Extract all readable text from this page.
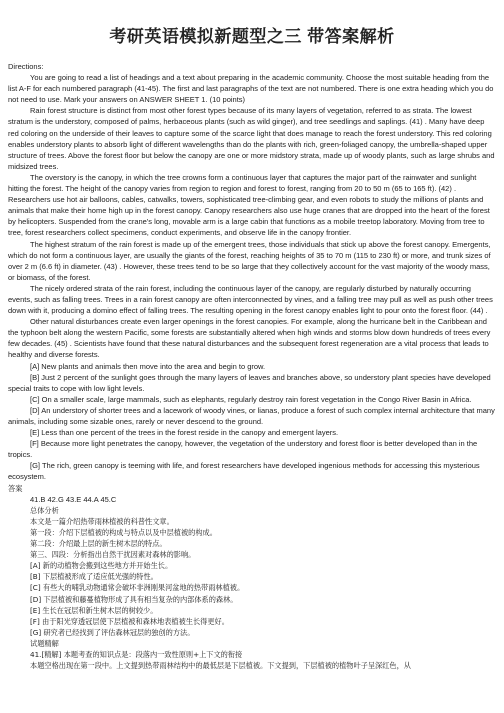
考研英语模拟新题型之三 带答案解析

Directions:

You are going to read a list of headings and a text about preparing in the academic community. Choose the most suitable heading from the list A-F for each numbered paragraph (41-45). The first and last paragraphs of the text are not numbered. There is one extra heading which you do not need to use. Mark your answers on ANSWER SHEET 1. (10 points)

Rain forest structure is distinct from most other forest types because of its many layers of vegetation, referred to as strata. The lowest stratum is the understory, composed of palms, herbaceous plants (such as wild ginger), and tree seedlings and saplings. (41) . Many have deep red coloring on the underside of their leaves to capture some of the scarce light that does manage to reach the forest understory. This red coloring enables understory plants to absorb light of different wavelengths than do the plants with rich, green-foliaged canopy, the umbrella-shaped upper structure of trees. Above the forest floor but below the canopy are one or more midstory strata, made up of woody plants, such as large shrubs and midsized trees.

The overstory is the canopy, in which the tree crowns form a continuous layer that captures the major part of the rainwater and sunlight hitting the forest. The height of the canopy varies from region to region and forest to forest, ranging from 20 to 50 m (65 to 165 ft). (42) . Researchers use hot air balloons, cables, catwalks, towers, sophisticated tree-climbing gear, and even robots to study the millions of plants and animals that make their home high up in the forest canopy. Canopy researchers also use huge cranes that are dropped into the heart of the forest by helicopters. Suspended from the crane's long, movable arm is a large cabin that functions as a mobile treetop laboratory. Moving from tree to tree, forest researchers collect specimens, conduct experiments, and observe life in the canopy frontier.

The highest stratum of the rain forest is made up of the emergent trees, those individuals that stick up above the forest canopy. Emergents, which do not form a continuous layer, are usually the giants of the forest, reaching heights of 35 to 70 m (115 to 230 ft) or more, and trunk sizes of over 2 m (6.6 ft) in diameter. (43) . However, these trees tend to be so large that they collectively account for the vast majority of the woody mass, or biomass, of the forest.

The nicely ordered strata of the rain forest, including the continuous layer of the canopy, are regularly disturbed by naturally occurring events, such as falling trees. Trees in a rain forest canopy are often interconnected by vines, and a falling tree may pull as well as push other trees down with it, producing a domino effect of falling trees. The resulting opening in the forest canopy enables light to pour onto the forest floor. (44) .

Other natural disturbances create even larger openings in the forest canopies. For example, along the hurricane belt in the Caribbean and the typhoon belt along the western Pacific, some forests are substantially altered when high winds and storms blow down hundreds of trees every few decades. (45) . Scientists have found that these natural disturbances and the subsequent forest regeneration are a vital process that leads to healthy and diverse forests.

[A] New plants and animals then move into the area and begin to grow.

[B] Just 2 percent of the sunlight goes through the many layers of leaves and branches above, so understory plant species have developed special traits to cope with low light levels.

[C] On a smaller scale, large mammals, such as elephants, regularly destroy rain forest vegetation in the Congo River Basin in Africa.

[D] An understory of shorter trees and a lacework of woody vines, or lianas, produce a forest of such complex internal architecture that many animals, including some sizable ones, rarely or never descend to the ground.

[E] Less than one percent of the trees in the forest reside in the canopy and emergent layers.

[F] Because more light penetrates the canopy, however, the vegetation of the understory and forest floor is better developed than in the tropics.

[G] The rich, green canopy is teeming with life, and forest researchers have developed ingenious methods for accessing this mysterious ecosystem.

答案

41.B 42.G 43.E 44.A 45.C

总体分析

本文是一篇介绍热带雨林植被的科普性文章。

第一段：介绍下层植被的构成与特点以及中层植被的构成。

第二段：介绍最上层的新生树木层的特点。

第三、四段：分析指出自然干扰因素对森林的影响。

[A] 新的动植物会搬到这些地方并开始生长。

[B] 下层植被形成了适应低光强的特性。

[C] 有些大的哺乳动物通常会破坏非洲刚果河盆地的热带雨林植被。

[D] 下层植被和藤蔓植物形成了具有相当复杂的内部体系的森林。

[E] 生长在冠层和新生树木层的树较少。

[F] 由于阳光穿透冠层使下层植被和森林地表植被生长得更好。

[G] 研究者已经找到了评估森林冠层的独创的方法。

试题精解

41.[精解] 本题考查的知识点是：段落内一致性原则+上下文的衔接

本题空格出现在第一段中。上文提到热带雨林结构中的最低层是下层植被。下文提到，下层植被的植物叶子呈深红色，从
